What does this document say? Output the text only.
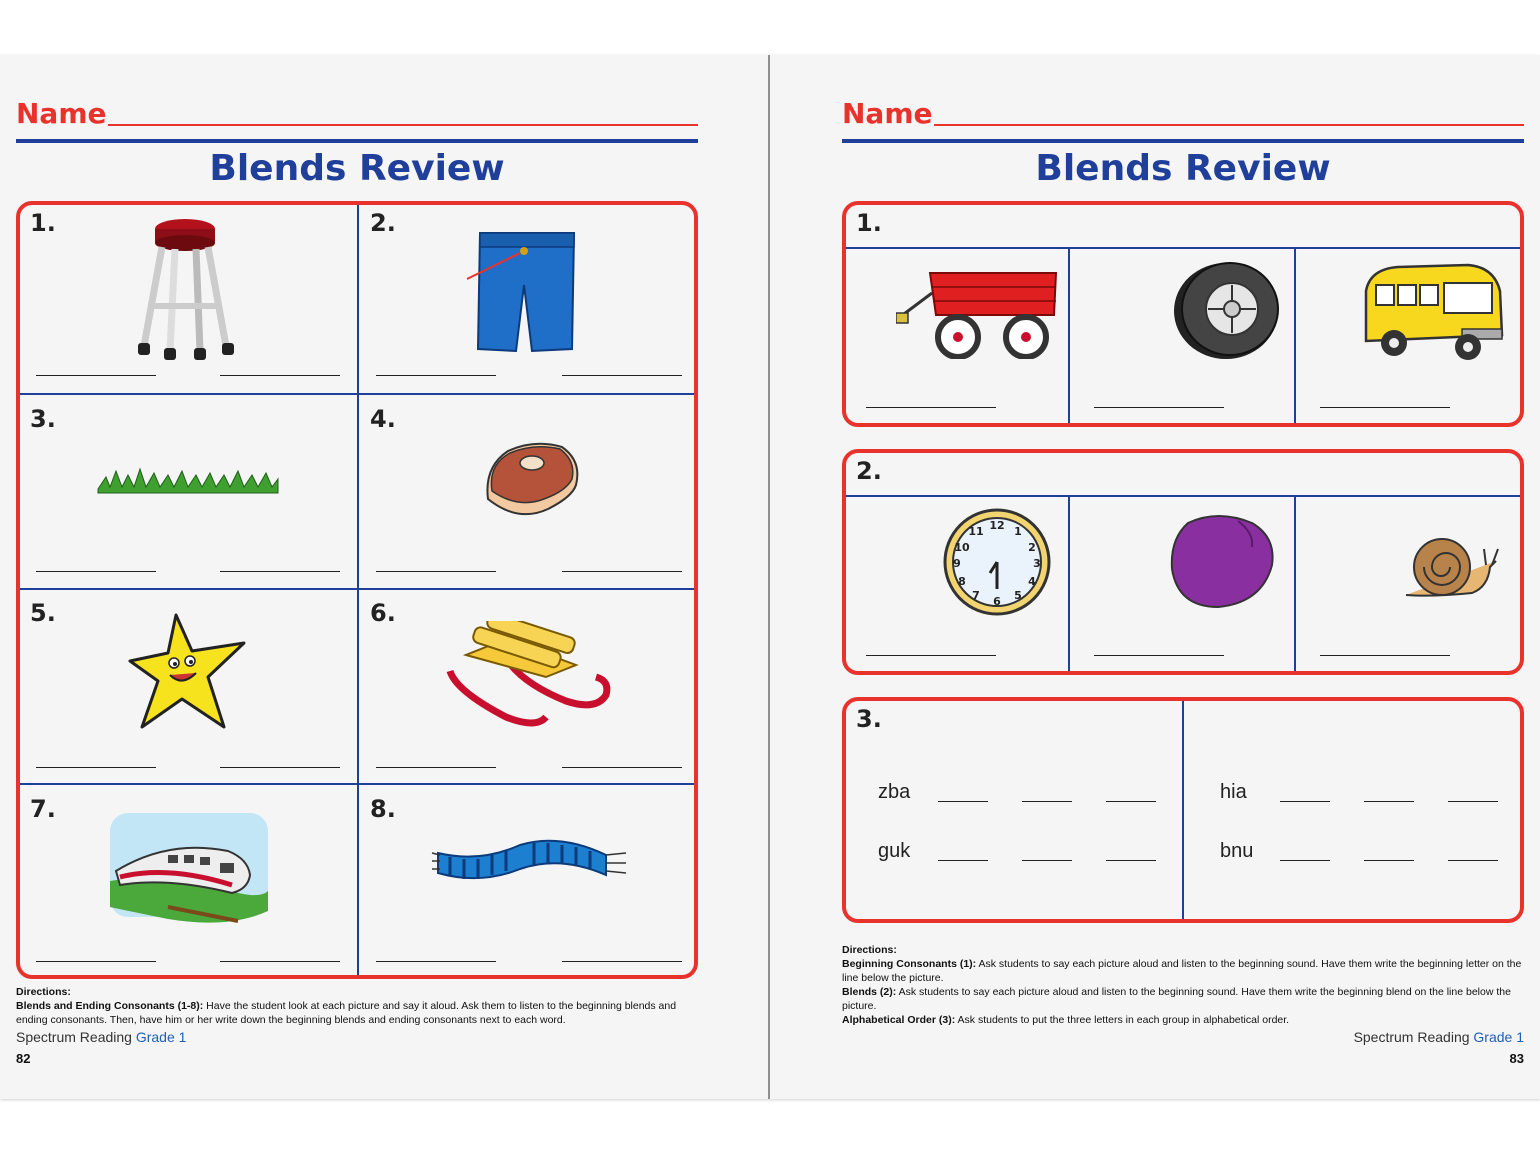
Name
Blends Review
1.	2.
3.	4.
5.	6.
7.	8.
Directions:
Blends and Ending Consonants (1-8): Have the student look at each picture and say it aloud. Ask them to listen to the beginning blends and ending consonants. Then, have him or her write down the beginning blends and ending consonants next to each word.
Spectrum Reading Grade 1
82
Name
Blends Review
1.
2.
12 1
2
3
4
5
6
7
8
9
10
11
3.
zba
guk
hia
bnu
Directions:
Beginning Consonants (1): Ask students to say each picture aloud and listen to the beginning sound. Have them write the beginning letter on the line below the picture.
Blends (2): Ask students to say each picture aloud and listen to the beginning sound. Have them write the beginning blend on the line below the picture.
Alphabetical Order (3): Ask students to put the three letters in each group in alphabetical order.
Spectrum Reading Grade 1
83
